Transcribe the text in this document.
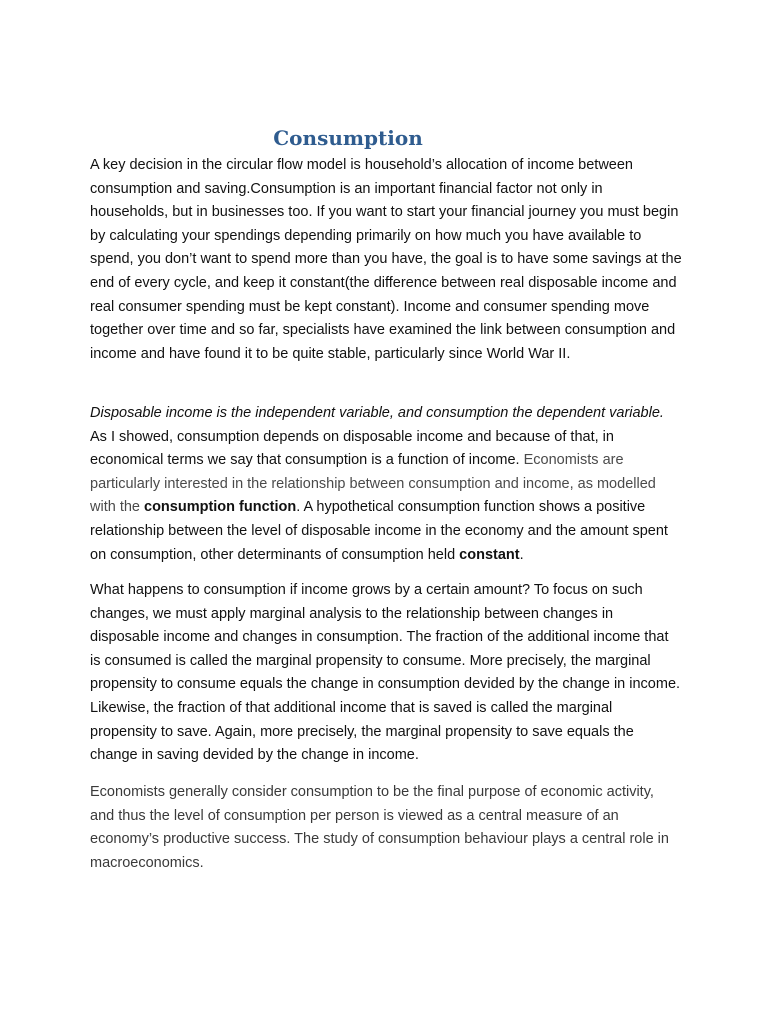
Consumption

A key decision in the circular flow model is household’s allocation of income between consumption and saving.Consumption is an important financial factor not only in households, but in businesses too. If you want to start your financial journey you must begin by calculating your spendings depending primarily on how much you have available to spend, you don’t want to spend more than you have, the goal is to have some savings at the end of every cycle, and keep it constant(the difference between real disposable income and real consumer spending must be kept constant). Income and consumer spending move together over time and so far, specialists have examined the link between consumption and income and have found it to be quite stable, particularly since World War II.

Disposable income is the independent variable, and consumption the dependent variable. As I showed, consumption depends on disposable income and because of that, in economical terms we say that consumption is a function of income. Economists are particularly interested in the relationship between consumption and income, as modelled with the consumption function. A hypothetical consumption function shows a positive relationship between the level of disposable income in the economy and the amount spent on consumption, other determinants of consumption held constant.

What happens to consumption if income grows by a certain amount? To focus on such changes, we must apply marginal analysis to the relationship between changes in disposable income and changes in consumption. The fraction of the additional income that is consumed is called the marginal propensity to consume. More precisely, the marginal propensity to consume equals the change in consumption devided by the change in income. Likewise, the fraction of that additional income that is saved is called the marginal propensity to save. Again, more precisely, the marginal propensity to save equals the change in saving devided by the change in income.

Economists generally consider consumption to be the final purpose of economic activity, and thus the level of consumption per person is viewed as a central measure of an economy’s productive success. The study of consumption behaviour plays a central role in macroeconomics.
